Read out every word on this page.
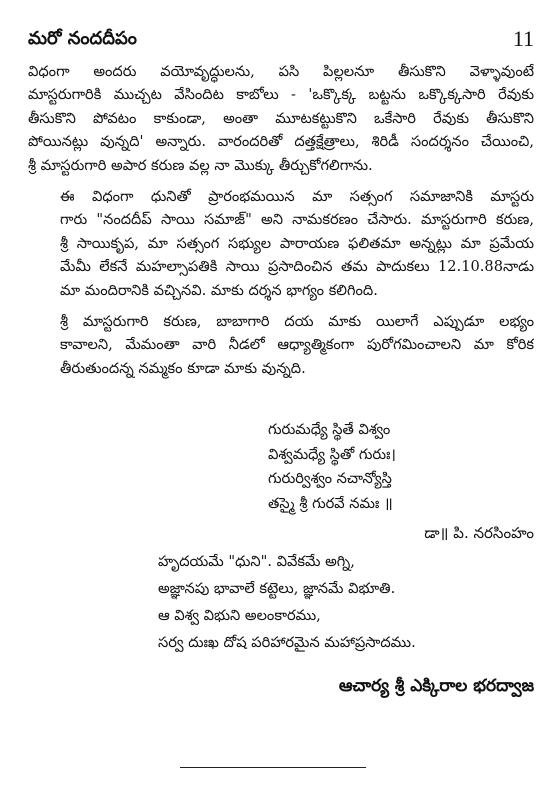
మరో నందదీపం	11

విధంగా అందరు వయోవృద్ధులను, పసి పిల్లలనూ తీసుకొని వెళ్ళావుంటే
మాస్టరుగారికి ముచ్చట వేసిందిట కాబోలు - 'ఒక్కొక్క బట్టను ఒక్కొక్కసారి రేవుకు
తీసుకొని పోవటం కాకుండా, అంతా మూటకట్టుకొని ఒకేసారి రేవుకు తీసుకొని
పోయినట్లు వున్నది' అన్నారు. వారందరితో దత్తక్షేత్రాలు, శిరిడీ సందర్శనం చేయించి,
శ్రీ మాస్టరుగారి అపార కరుణ వల్ల నా మొక్కు తీర్చుకోగలిగాను.

ఈ విధంగా ధునితో ప్రారంభమయిన మా సత్సంగ సమాజానికి మాస్టరు
గారు "నందదీప్ సాయి సమాజ్" అని నామకరణం చేసారు. మాస్టరుగారి కరుణ,
శ్రీ సాయికృప, మా సత్సంగ సభ్యుల పారాయణ ఫలితమా అన్నట్లు మా ప్రమేయ
మేమీ లేకనే మహల్సాపతికి సాయి ప్రసాదించిన తమ పాదుకలు 12.10.88నాడు
మా మందిరానికి వచ్చినవి. మాకు దర్శన భాగ్యం కలిగింది.

శ్రీ మాస్టరుగారి కరుణ, బాబాగారి దయ మాకు యిలాగే ఎప్పుడూ లభ్యం
కావాలని, మేమంతా వారి నీడలో ఆధ్యాత్మికంగా పురోగమించాలని మా కోరిక
తీరుతుందన్న నమ్మకం కూడా మాకు వున్నది.

గురుమధ్యే స్థితే విశ్వం
విశ్వమధ్యే స్థితో గురుః।
గురుర్విశ్వం నచాన్యోస్తి
తస్మై శ్రీ గురవే నమః ॥
డా॥ పి. నరసింహం
హృదయమే "ధుని". వివేకమే అగ్ని,
అజ్ఞానపు భావాలే కట్టెలు, జ్ఞానమే విభూతి.
ఆ విశ్వ విభుని అలంకారము,
సర్వ దుఃఖ దోష పరిహారమైన మహాప్రసాదము.
ఆచార్య శ్రీ ఎక్కిరాల భరద్వాజ
